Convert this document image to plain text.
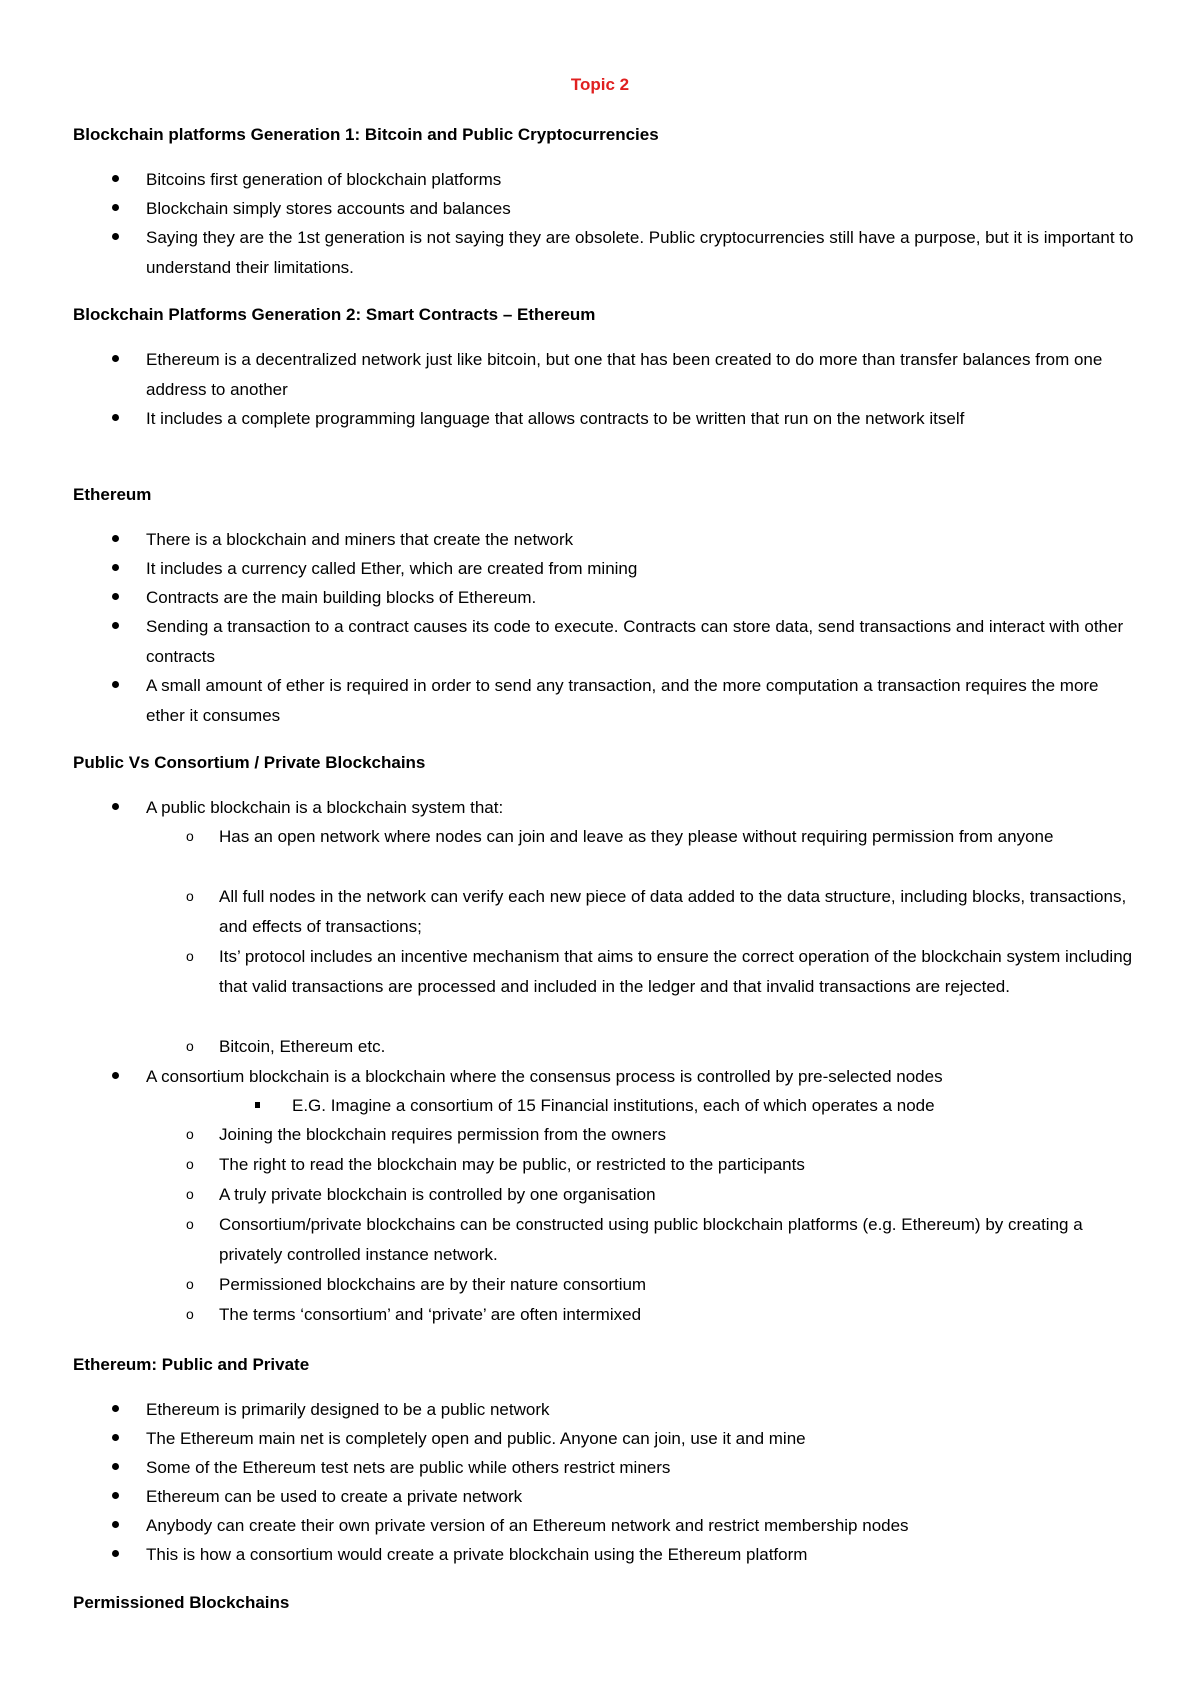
Topic 2
Blockchain platforms Generation 1: Bitcoin and Public Cryptocurrencies
Bitcoins first generation of blockchain platforms
Blockchain simply stores accounts and balances
Saying they are the 1st generation is not saying they are obsolete. Public cryptocurrencies still have a purpose, but it is important to understand their limitations.
Blockchain Platforms Generation 2: Smart Contracts – Ethereum
Ethereum is a decentralized network just like bitcoin, but one that has been created to do more than transfer balances from one address to another
It includes a complete programming language that allows contracts to be written that run on the network itself
Ethereum
There is a blockchain and miners that create the network
It includes a currency called Ether, which are created from mining
Contracts are the main building blocks of Ethereum.
Sending a transaction to a contract causes its code to execute. Contracts can store data, send transactions and interact with other contracts
A small amount of ether is required in order to send any transaction, and the more computation a transaction requires the more ether it consumes
Public Vs Consortium / Private Blockchains
A public blockchain is a blockchain system that:
o Has an open network where nodes can join and leave as they please without requiring permission from anyone
o All full nodes in the network can verify each new piece of data added to the data structure, including blocks, transactions, and effects of transactions;
o Its’ protocol includes an incentive mechanism that aims to ensure the correct operation of the blockchain system including that valid transactions are processed and included in the ledger and that invalid transactions are rejected.
o Bitcoin, Ethereum etc.
A consortium blockchain is a blockchain where the consensus process is controlled by pre-selected nodes
E.G. Imagine a consortium of 15 Financial institutions, each of which operates a node
o Joining the blockchain requires permission from the owners
o The right to read the blockchain may be public, or restricted to the participants
o A truly private blockchain is controlled by one organisation
o Consortium/private blockchains can be constructed using public blockchain platforms (e.g. Ethereum) by creating a privately controlled instance network.
o Permissioned blockchains are by their nature consortium
o The terms ‘consortium’ and ‘private’ are often intermixed
Ethereum: Public and Private
Ethereum is primarily designed to be a public network
The Ethereum main net is completely open and public. Anyone can join, use it and mine
Some of the Ethereum test nets are public while others restrict miners
Ethereum can be used to create a private network
Anybody can create their own private version of an Ethereum network and restrict membership nodes
This is how a consortium would create a private blockchain using the Ethereum platform
Permissioned Blockchains
